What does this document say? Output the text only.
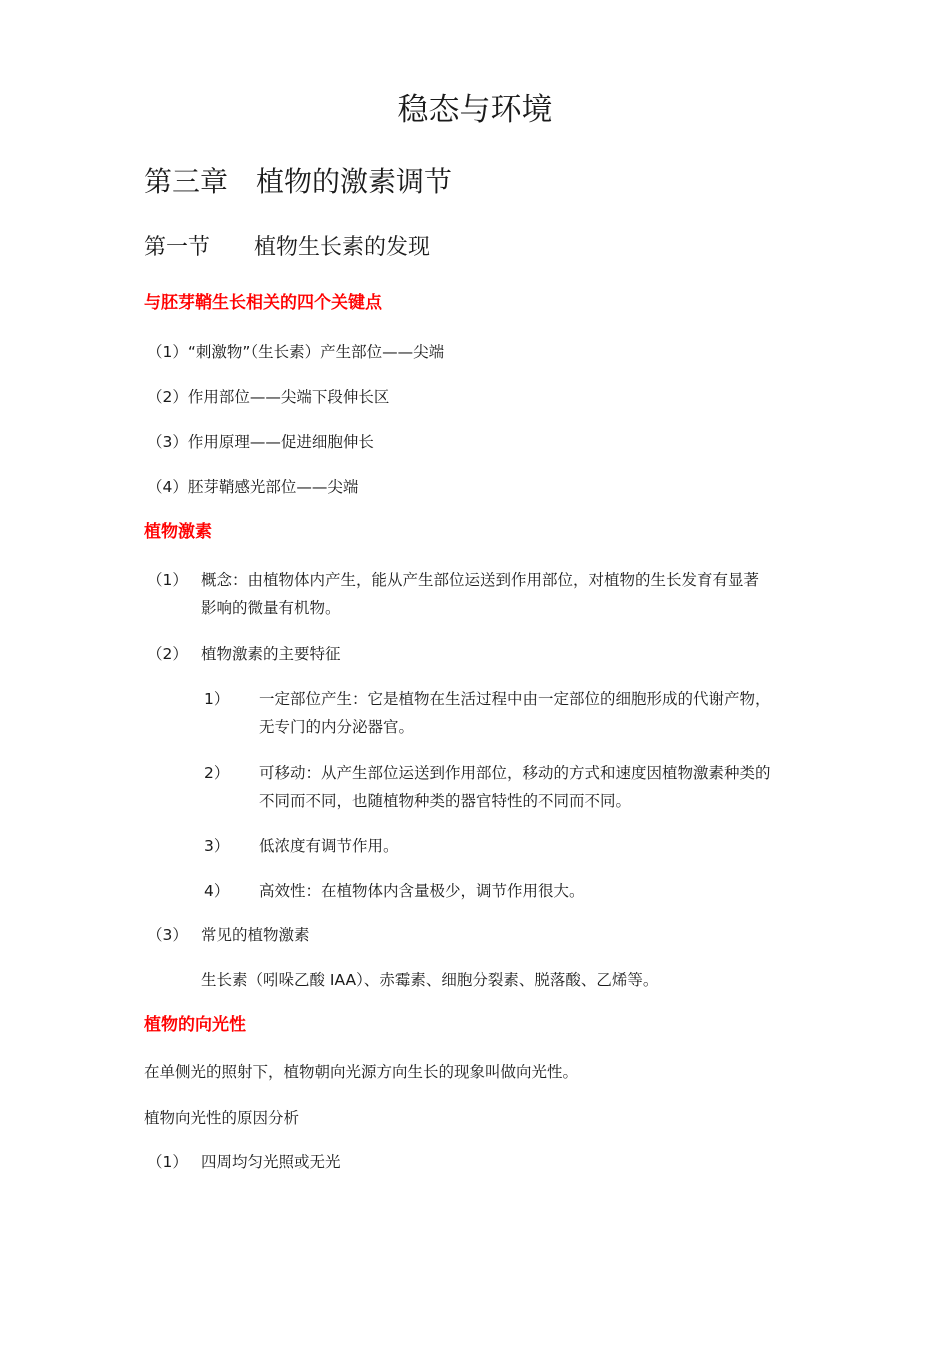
稳态与环境
第三章 植物的激素调节
第一节 植物生长素的发现
与胚芽鞘生长相关的四个关键点
（1）“刺激物”（生长素）产生部位——尖端
（2）作用部位——尖端下段伸长区
（3）作用原理——促进细胞伸长
（4）胚芽鞘感光部位——尖端
植物激素
（1） 概念：由植物体内产生，能从产生部位运送到作用部位，对植物的生长发育有显著
影响的微量有机物。
（2） 植物激素的主要特征
1） 一定部位产生：它是植物在生活过程中由一定部位的细胞形成的代谢产物，
无专门的内分泌器官。
2） 可移动：从产生部位运送到作用部位，移动的方式和速度因植物激素种类的
不同而不同，也随植物种类的器官特性的不同而不同。
3） 低浓度有调节作用。
4） 高效性：在植物体内含量极少，调节作用很大。
（3） 常见的植物激素
生长素（吲哚乙酸 IAA）、赤霉素、细胞分裂素、脱落酸、乙烯等。
植物的向光性
在单侧光的照射下，植物朝向光源方向生长的现象叫做向光性。
植物向光性的原因分析
（1） 四周均匀光照或无光
